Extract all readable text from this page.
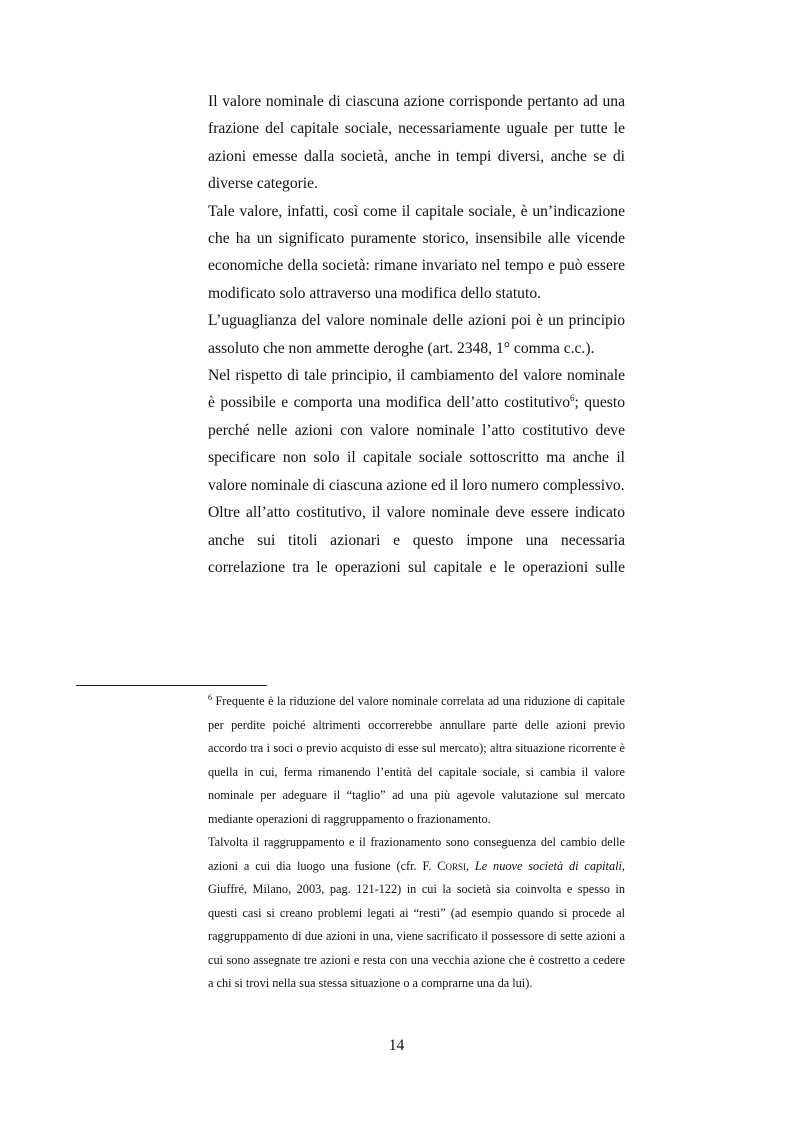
Il valore nominale di ciascuna azione corrisponde pertanto ad una frazione del capitale sociale, necessariamente uguale per tutte le azioni emesse dalla società, anche in tempi diversi, anche se di diverse categorie.

Tale valore, infatti, così come il capitale sociale, è un’indicazione che ha un significato puramente storico, insensibile alle vicende economiche della società: rimane invariato nel tempo e può essere modificato solo attraverso una modifica dello statuto.

L’uguaglianza del valore nominale delle azioni poi è un principio assoluto che non ammette deroghe (art. 2348, 1° comma c.c.).

Nel rispetto di tale principio, il cambiamento del valore nominale è possibile e comporta una modifica dell’atto costitutivo$^6$; questo perché nelle azioni con valore nominale l’atto costitutivo deve specificare non solo il capitale sociale sottoscritto ma anche il valore nominale di ciascuna azione ed il loro numero complessivo.

Oltre all’atto costitutivo, il valore nominale deve essere indicato anche sui titoli azionari e questo impone una necessaria correlazione tra le operazioni sul capitale e le operazioni sulle

$^6$ Frequente è la riduzione del valore nominale correlata ad una riduzione di capitale per perdite poiché altrimenti occorrerebbe annullare parte delle azioni previo accordo tra i soci o previo acquisto di esse sul mercato); altra situazione ricorrente è quella in cui, ferma rimanendo l’entità del capitale sociale, si cambia il valore nominale per adeguare il “taglio” ad una più agevole valutazione sul mercato mediante operazioni di raggruppamento o frazionamento.

Talvolta il raggruppamento e il frazionamento sono conseguenza del cambio delle azioni a cui dia luogo una fusione (cfr. F. Corsi, Le nuove società di capitali, Giuffré, Milano, 2003, pag. 121-122) in cui la società sia coinvolta e spesso in questi casi si creano problemi legati ai “resti” (ad esempio quando si procede al raggruppamento di due azioni in una, viene sacrificato il possessore di sette azioni a cui sono assegnate tre azioni e resta con una vecchia azione che è costretto a cedere a chi si trovi nella sua stessa situazione o a comprarne una da lui).

14
